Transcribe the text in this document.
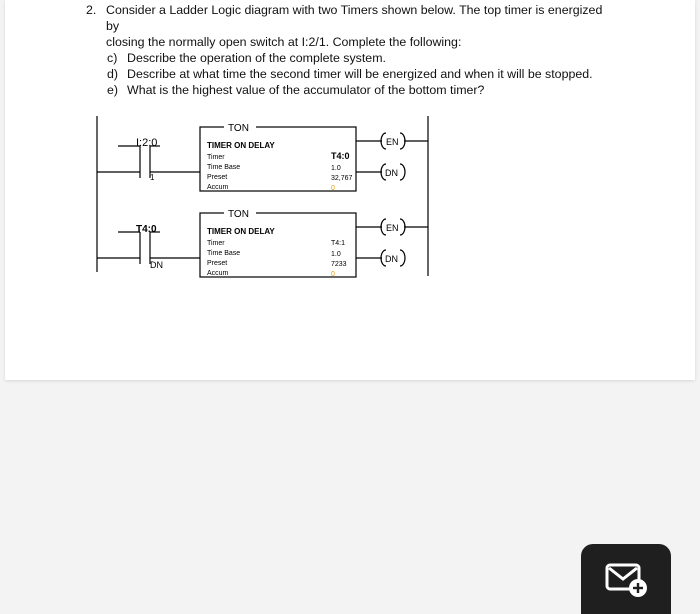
2. Consider a Ladder Logic diagram with two Timers shown below. The top timer is energized by
closing the normally open switch at I:2/1. Complete the following:
c) Describe the operation of the complete system.
d) Describe at what time the second timer will be energized and when it will be stopped.
e) What is the highest value of the accumulator of the bottom timer?
I:2:0
1
TON
TIMER ON DELAY
Timer
Time Base
Preset
Accum
T4:0
1.0
32,767
0
EN
DN
T4:0
DN
TON
TIMER ON DELAY
Timer
Time Base
Preset
Accum
T4:1
1.0
7233
0
EN
DN
